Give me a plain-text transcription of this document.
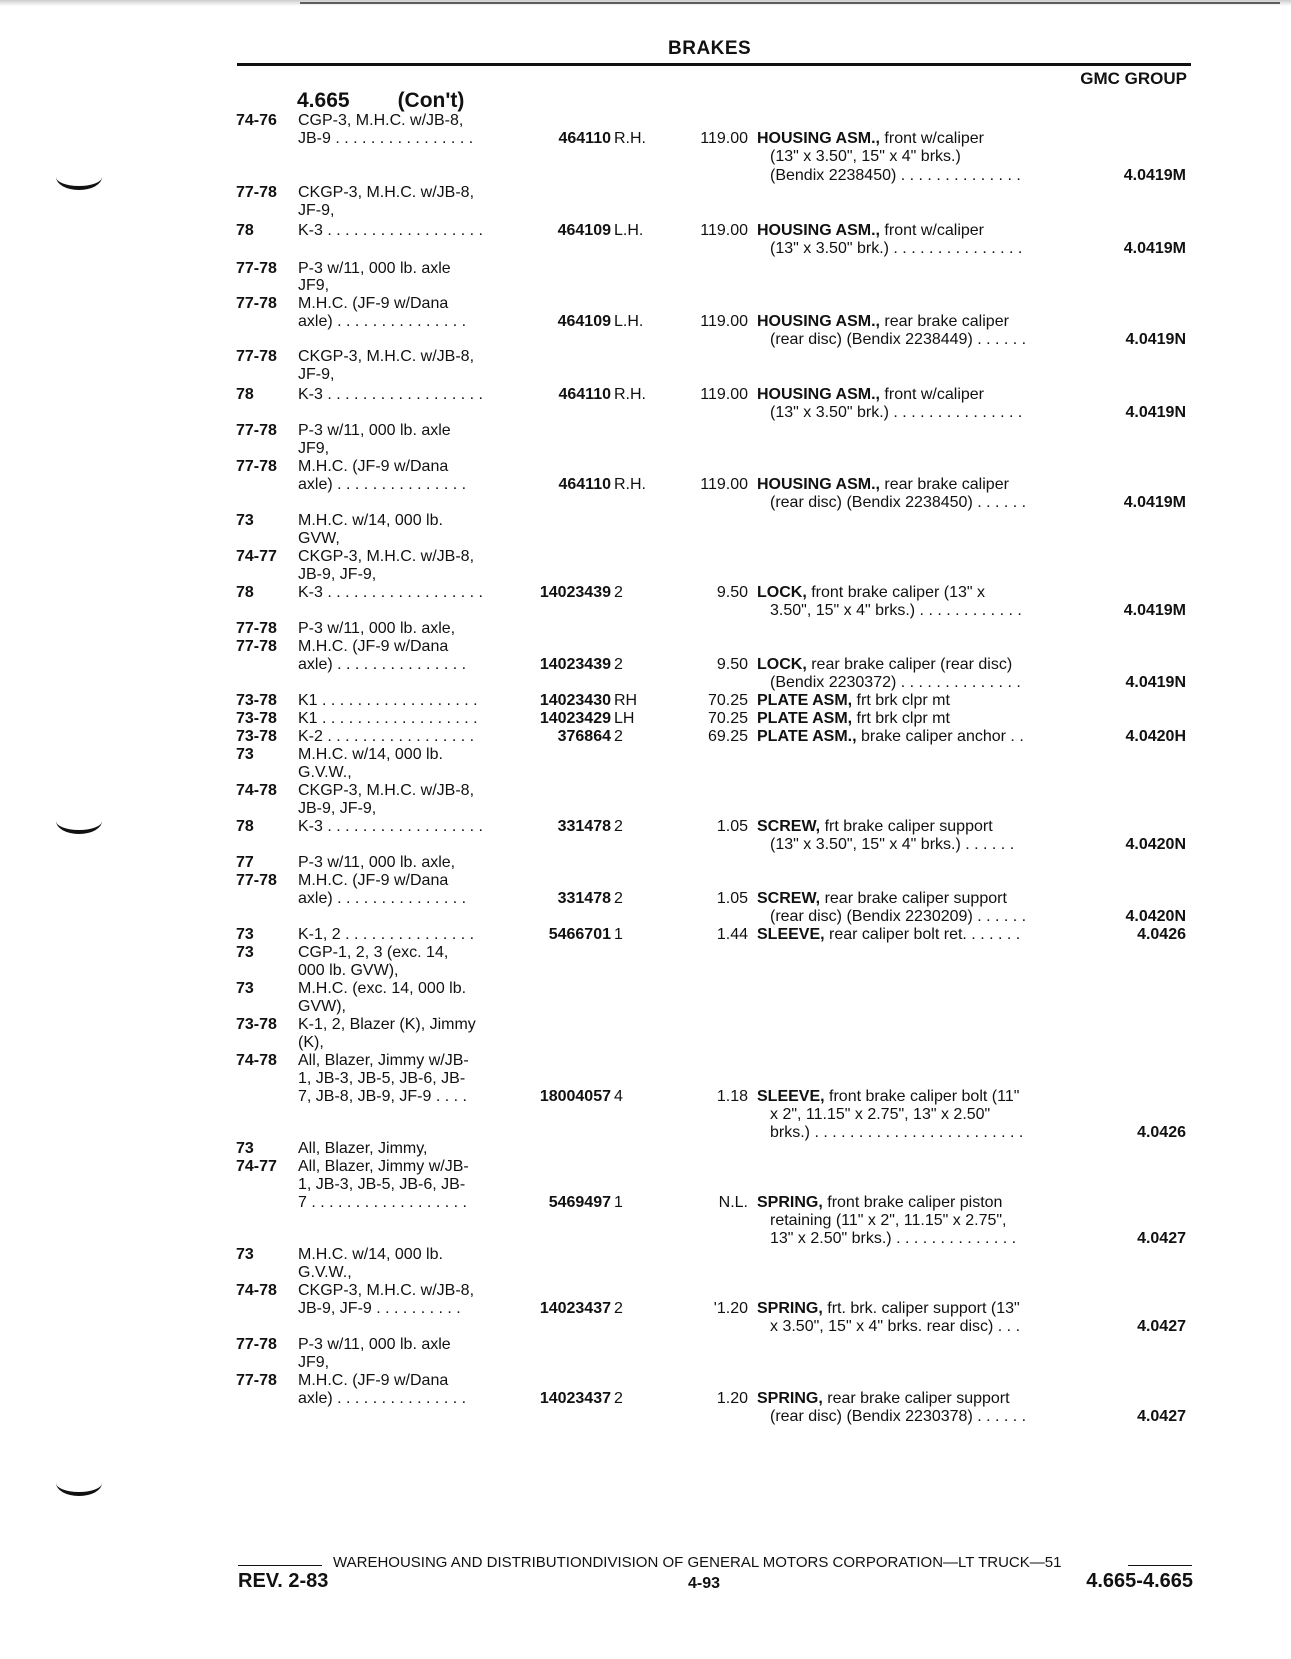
BRAKES
GMC GROUP
4.665 (Con't)
74-76 CGP-3, M.H.C. w/JB-8,
JB-9 . . . . . . . . . . . . . . . .	464110 R.H.	119.00 HOUSING ASM., front w/caliper
(13" x 3.50", 15" x 4" brks.)
(Bendix 2238450) . . . . . . . . . . . . . .	4.0419M
77-78 CKGP-3, M.H.C. w/JB-8,
JF-9,
78	K-3 . . . . . . . . . . . . . . . . . .	464109 L.H.	119.00 HOUSING ASM., front w/caliper
(13" x 3.50" brk.) . . . . . . . . . . . . . . .	4.0419M
77-78 P-3 w/11, 000 lb. axle
JF9,
77-78 M.H.C. (JF-9 w/Dana
axle) . . . . . . . . . . . . . . .	464109 L.H.	119.00 HOUSING ASM., rear brake caliper
(rear disc) (Bendix 2238449) . . . . . .	4.0419N
77-78 CKGP-3, M.H.C. w/JB-8,
JF-9,
78	K-3 . . . . . . . . . . . . . . . . . .	464110 R.H.	119.00 HOUSING ASM., front w/caliper
(13" x 3.50" brk.) . . . . . . . . . . . . . . .	4.0419N
77-78 P-3 w/11, 000 lb. axle
JF9,
77-78 M.H.C. (JF-9 w/Dana
axle) . . . . . . . . . . . . . . .	464110 R.H.	119.00 HOUSING ASM., rear brake caliper
(rear disc) (Bendix 2238450) . . . . . .	4.0419M
73	M.H.C. w/14, 000 lb.
GVW,
74-77 CKGP-3, M.H.C. w/JB-8,
JB-9, JF-9,
78	K-3 . . . . . . . . . . . . . . . . . .	14023439 2	9.50 LOCK, front brake caliper (13" x
3.50", 15" x 4" brks.) . . . . . . . . . . . .	4.0419M
77-78 P-3 w/11, 000 lb. axle,
77-78 M.H.C. (JF-9 w/Dana
axle) . . . . . . . . . . . . . . .	14023439 2	9.50 LOCK, rear brake caliper (rear disc)
(Bendix 2230372) . . . . . . . . . . . . . .	4.0419N
73-78 K1 . . . . . . . . . . . . . . . . . .	14023430 RH	70.25 PLATE ASM, frt brk clpr mt
73-78 K1 . . . . . . . . . . . . . . . . . .	14023429 LH	70.25 PLATE ASM, frt brk clpr mt
73-78 K-2 . . . . . . . . . . . . . . . . .	376864 2	69.25 PLATE ASM., brake caliper anchor . .	4.0420H
73	M.H.C. w/14, 000 lb.
G.V.W.,
74-78 CKGP-3, M.H.C. w/JB-8,
JB-9, JF-9,
78	K-3 . . . . . . . . . . . . . . . . . .	331478 2	1.05 SCREW, frt brake caliper support
(13" x 3.50", 15" x 4" brks.) . . . . . .	4.0420N
77	P-3 w/11, 000 lb. axle,
77-78 M.H.C. (JF-9 w/Dana
axle) . . . . . . . . . . . . . . .	331478 2	1.05 SCREW, rear brake caliper support
(rear disc) (Bendix 2230209) . . . . . .	4.0420N
73	K-1, 2 . . . . . . . . . . . . . . .	5466701 1	1.44 SLEEVE, rear caliper bolt ret. . . . . . .	4.0426
73	CGP-1, 2, 3 (exc. 14,
000 lb. GVW),
73	M.H.C. (exc. 14, 000 lb.
GVW),
73-78 K-1, 2, Blazer (K), Jimmy
(K),
74-78 All, Blazer, Jimmy w/JB-
1, JB-3, JB-5, JB-6, JB-
7, JB-8, JB-9, JF-9 . . . .	18004057 4	1.18 SLEEVE, front brake caliper bolt (11"
x 2", 11.15" x 2.75", 13" x 2.50"
brks.) . . . . . . . . . . . . . . . . . . . . . . . .	4.0426
73	All, Blazer, Jimmy,
74-77 All, Blazer, Jimmy w/JB-
1, JB-3, JB-5, JB-6, JB-
7 . . . . . . . . . . . . . . . . . .	5469497 1	N.L. SPRING, front brake caliper piston
retaining (11" x 2", 11.15" x 2.75",
13" x 2.50" brks.) . . . . . . . . . . . . . .	4.0427
73	M.H.C. w/14, 000 lb.
G.V.W.,
74-78 CKGP-3, M.H.C. w/JB-8,
JB-9, JF-9 . . . . . . . . . .	14023437 2	'1.20 SPRING, frt. brk. caliper support (13"
x 3.50", 15" x 4" brks. rear disc) . . .	4.0427
77-78 P-3 w/11, 000 lb. axle
JF9,
77-78 M.H.C. (JF-9 w/Dana
axle) . . . . . . . . . . . . . . .	14023437 2	1.20 SPRING, rear brake caliper support
(rear disc) (Bendix 2230378) . . . . . .	4.0427
WAREHOUSING AND DISTRIBUTIONDIVISION OF GENERAL MOTORS CORPORATION—LT TRUCK—51
REV. 2-83	4-93	4.665-4.665
